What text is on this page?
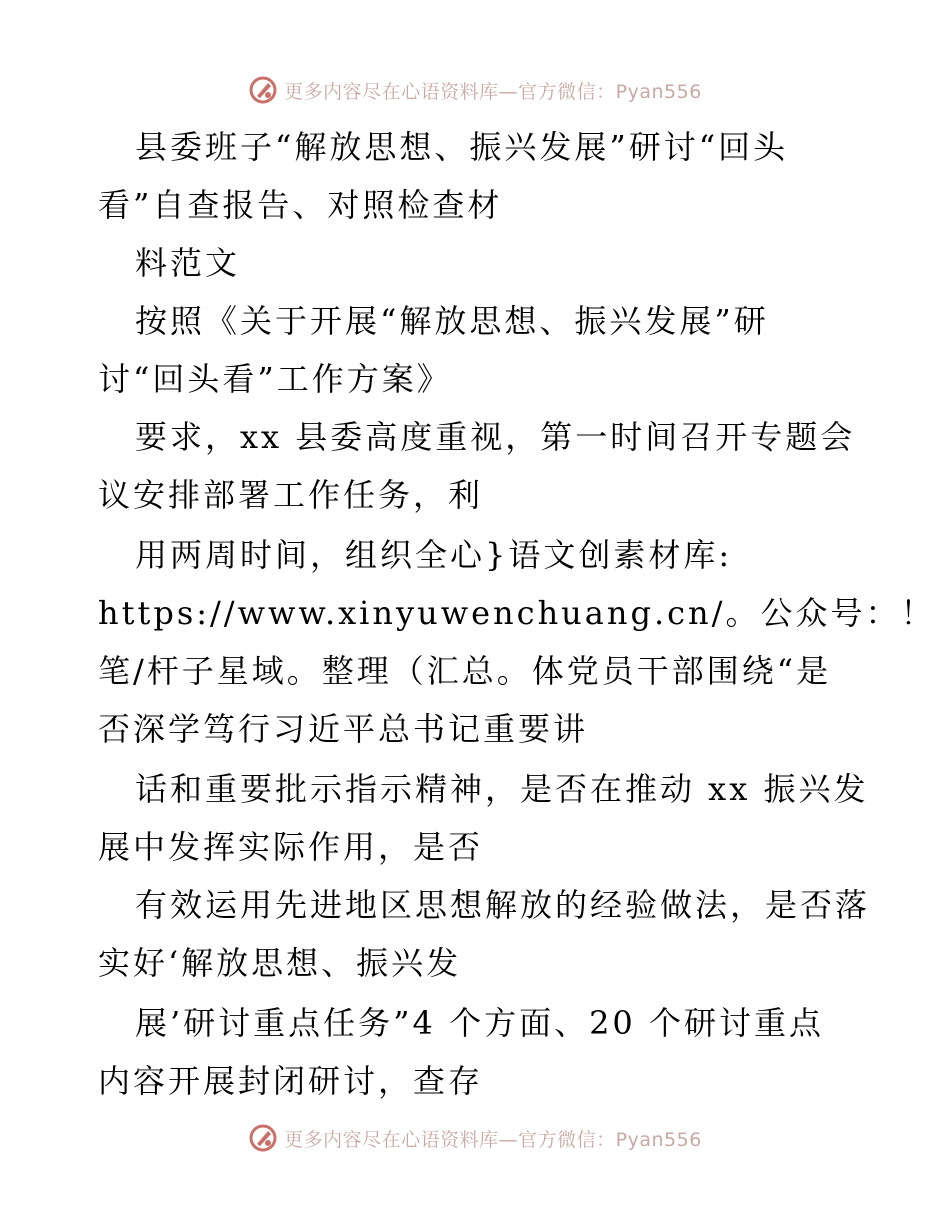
更多内容尽在心语资料库—官方微信：Pyan556
县委班子“解放思想、振兴发展”研讨“回头
看”自查报告、对照检查材
料范文
按照《关于开展“解放思想、振兴发展”研
讨“回头看”工作方案》
要求，xx 县委高度重视，第一时间召开专题会
议安排部署工作任务，利
用两周时间，组织全心}语文创素材库:
https://www.xinyuwenchuang.cn/。公众号：！
笔/杆子星域。整理（汇总。体党员干部围绕“是
否深学笃行习近平总书记重要讲
话和重要批示指示精神，是否在推动 xx 振兴发
展中发挥实际作用，是否
有效运用先进地区思想解放的经验做法，是否落
实好‘解放思想、振兴发
展’研讨重点任务”4 个方面、20 个研讨重点
内容开展封闭研讨，查存
更多内容尽在心语资料库—官方微信：Pyan556
